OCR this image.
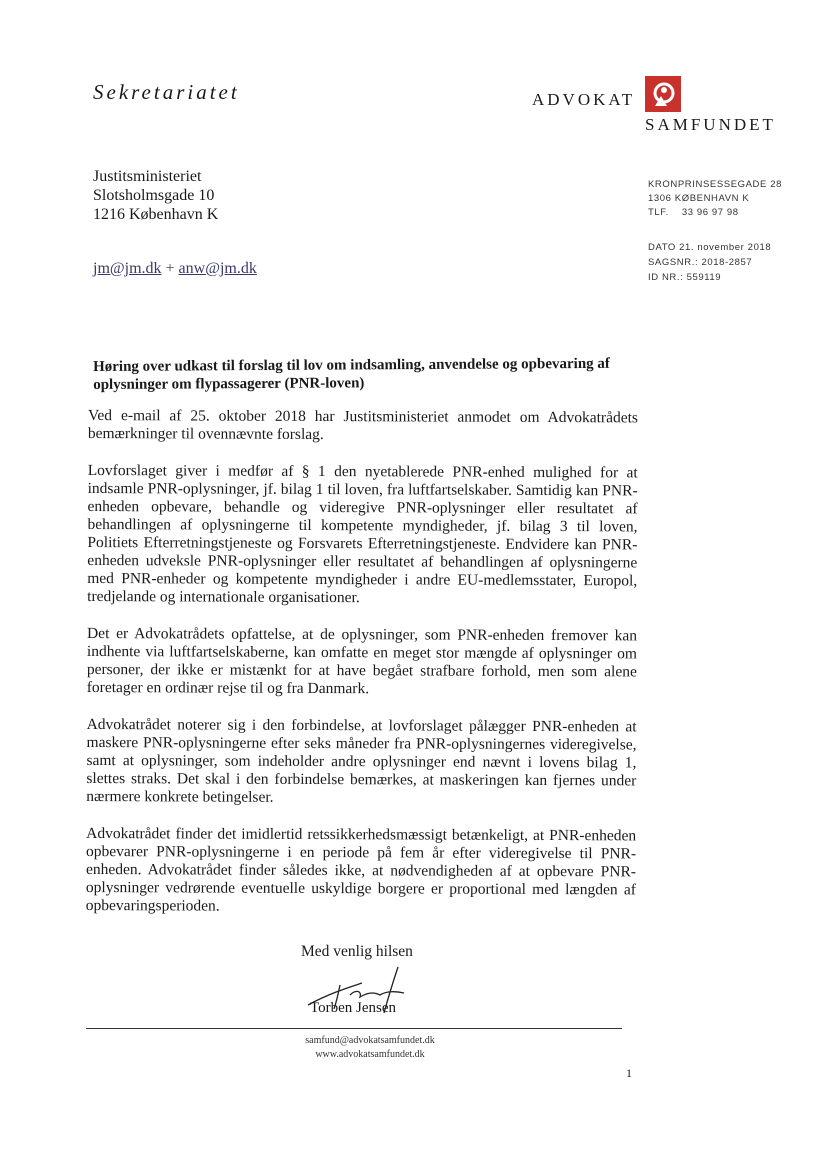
Sekretariatet	ADVOKAT
SAMFUNDET
Justitsministeriet
Slotsholmsgade 10
1216 København K
jm@jm.dk + anw@jm.dk
KRONPRINSESSEGADE 28
1306 KØBENHAVN K
TLF.    33 96 97 98
DATO 21. november 2018
SAGSNR.: 2018-2857
ID NR.: 559119
Høring over udkast til forslag til lov om indsamling, anvendelse og opbevaring af oplysninger om flypassagerer (PNR-loven)

Ved e-mail af 25. oktober 2018 har Justitsministeriet anmodet om Advokatrådets bemærkninger til ovennævnte forslag.

Lovforslaget giver i medfør af § 1 den nyetablerede PNR-enhed mulighed for at indsamle PNR-oplysninger, jf. bilag 1 til loven, fra luftfartselskaber. Samtidig kan PNR-enheden opbevare, behandle og videregive PNR-oplysninger eller resultatet af behandlingen af oplysningerne til kompetente myndigheder, jf. bilag 3 til loven, Politiets Efterretningstjeneste og Forsvarets Efterretningstjeneste. Endvidere kan PNR-enheden udveksle PNR-oplysninger eller resultatet af behandlingen af oplysningerne med PNR-enheder og kompetente myndigheder i andre EU-medlemsstater, Europol, tredjelande og internationale organisationer.

Det er Advokatrådets opfattelse, at de oplysninger, som PNR-enheden fremover kan indhente via luftfartselskaberne, kan omfatte en meget stor mængde af oplysninger om personer, der ikke er mistænkt for at have begået strafbare forhold, men som alene foretager en ordinær rejse til og fra Danmark.

Advokatrådet noterer sig i den forbindelse, at lovforslaget pålægger PNR-enheden at maskere PNR-oplysningerne efter seks måneder fra PNR-oplysningernes videregivelse, samt at oplysninger, som indeholder andre oplysninger end nævnt i lovens bilag 1, slettes straks. Det skal i den forbindelse bemærkes, at maskeringen kan fjernes under nærmere konkrete betingelser.

Advokatrådet finder det imidlertid retssikkerhedsmæssigt betænkeligt, at PNR-enheden opbevarer PNR-oplysningerne i en periode på fem år efter videregivelse til PNR-enheden. Advokatrådet finder således ikke, at nødvendigheden af at opbevare PNR-oplysninger vedrørende eventuelle uskyldige borgere er proportional med længden af opbevaringsperioden.

Med venlig hilsen
Torben Jensen
samfund@advokatsamfundet.dk
www.advokatsamfundet.dk
1
